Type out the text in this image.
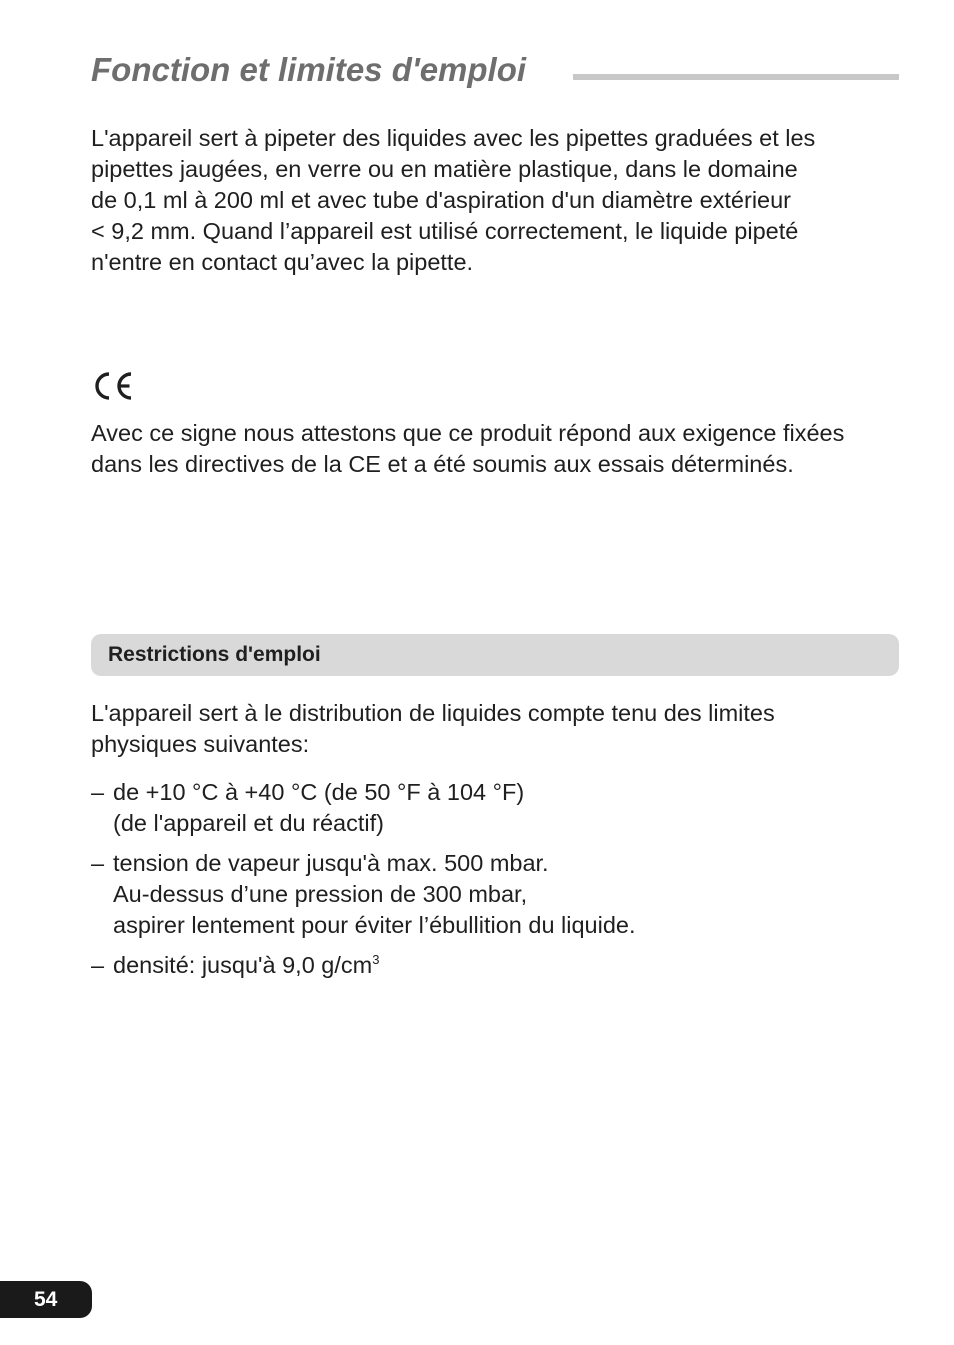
Fonction et limites d'emploi

L'appareil sert à pipeter des liquides avec les pipettes graduées et les
pipettes jaugées, en verre ou en matière plastique, dans le domaine
de 0,1 ml à 200 ml et avec tube d'aspiration d'un diamètre extérieur
< 9,2 mm. Quand l’appareil est utilisé correctement, le liquide pipeté
n'entre en contact qu’avec la pipette.

Avec ce signe nous attestons que ce produit répond aux exigence fixées
dans les directives de la CE et a été soumis aux essais déterminés.

Restrictions d'emploi

L'appareil sert à le distribution de liquides compte tenu des limites
physiques suivantes:

– de +10 °C à +40 °C (de 50 °F à 104 °F)
(de l'appareil et du réactif)
– tension de vapeur jusqu'à max. 500 mbar.
Au-dessus d’une pression de 300 mbar,
aspirer lentement pour éviter l’ébullition du liquide.
– densité: jusqu'à 9,0 $g/cm^3$
54
